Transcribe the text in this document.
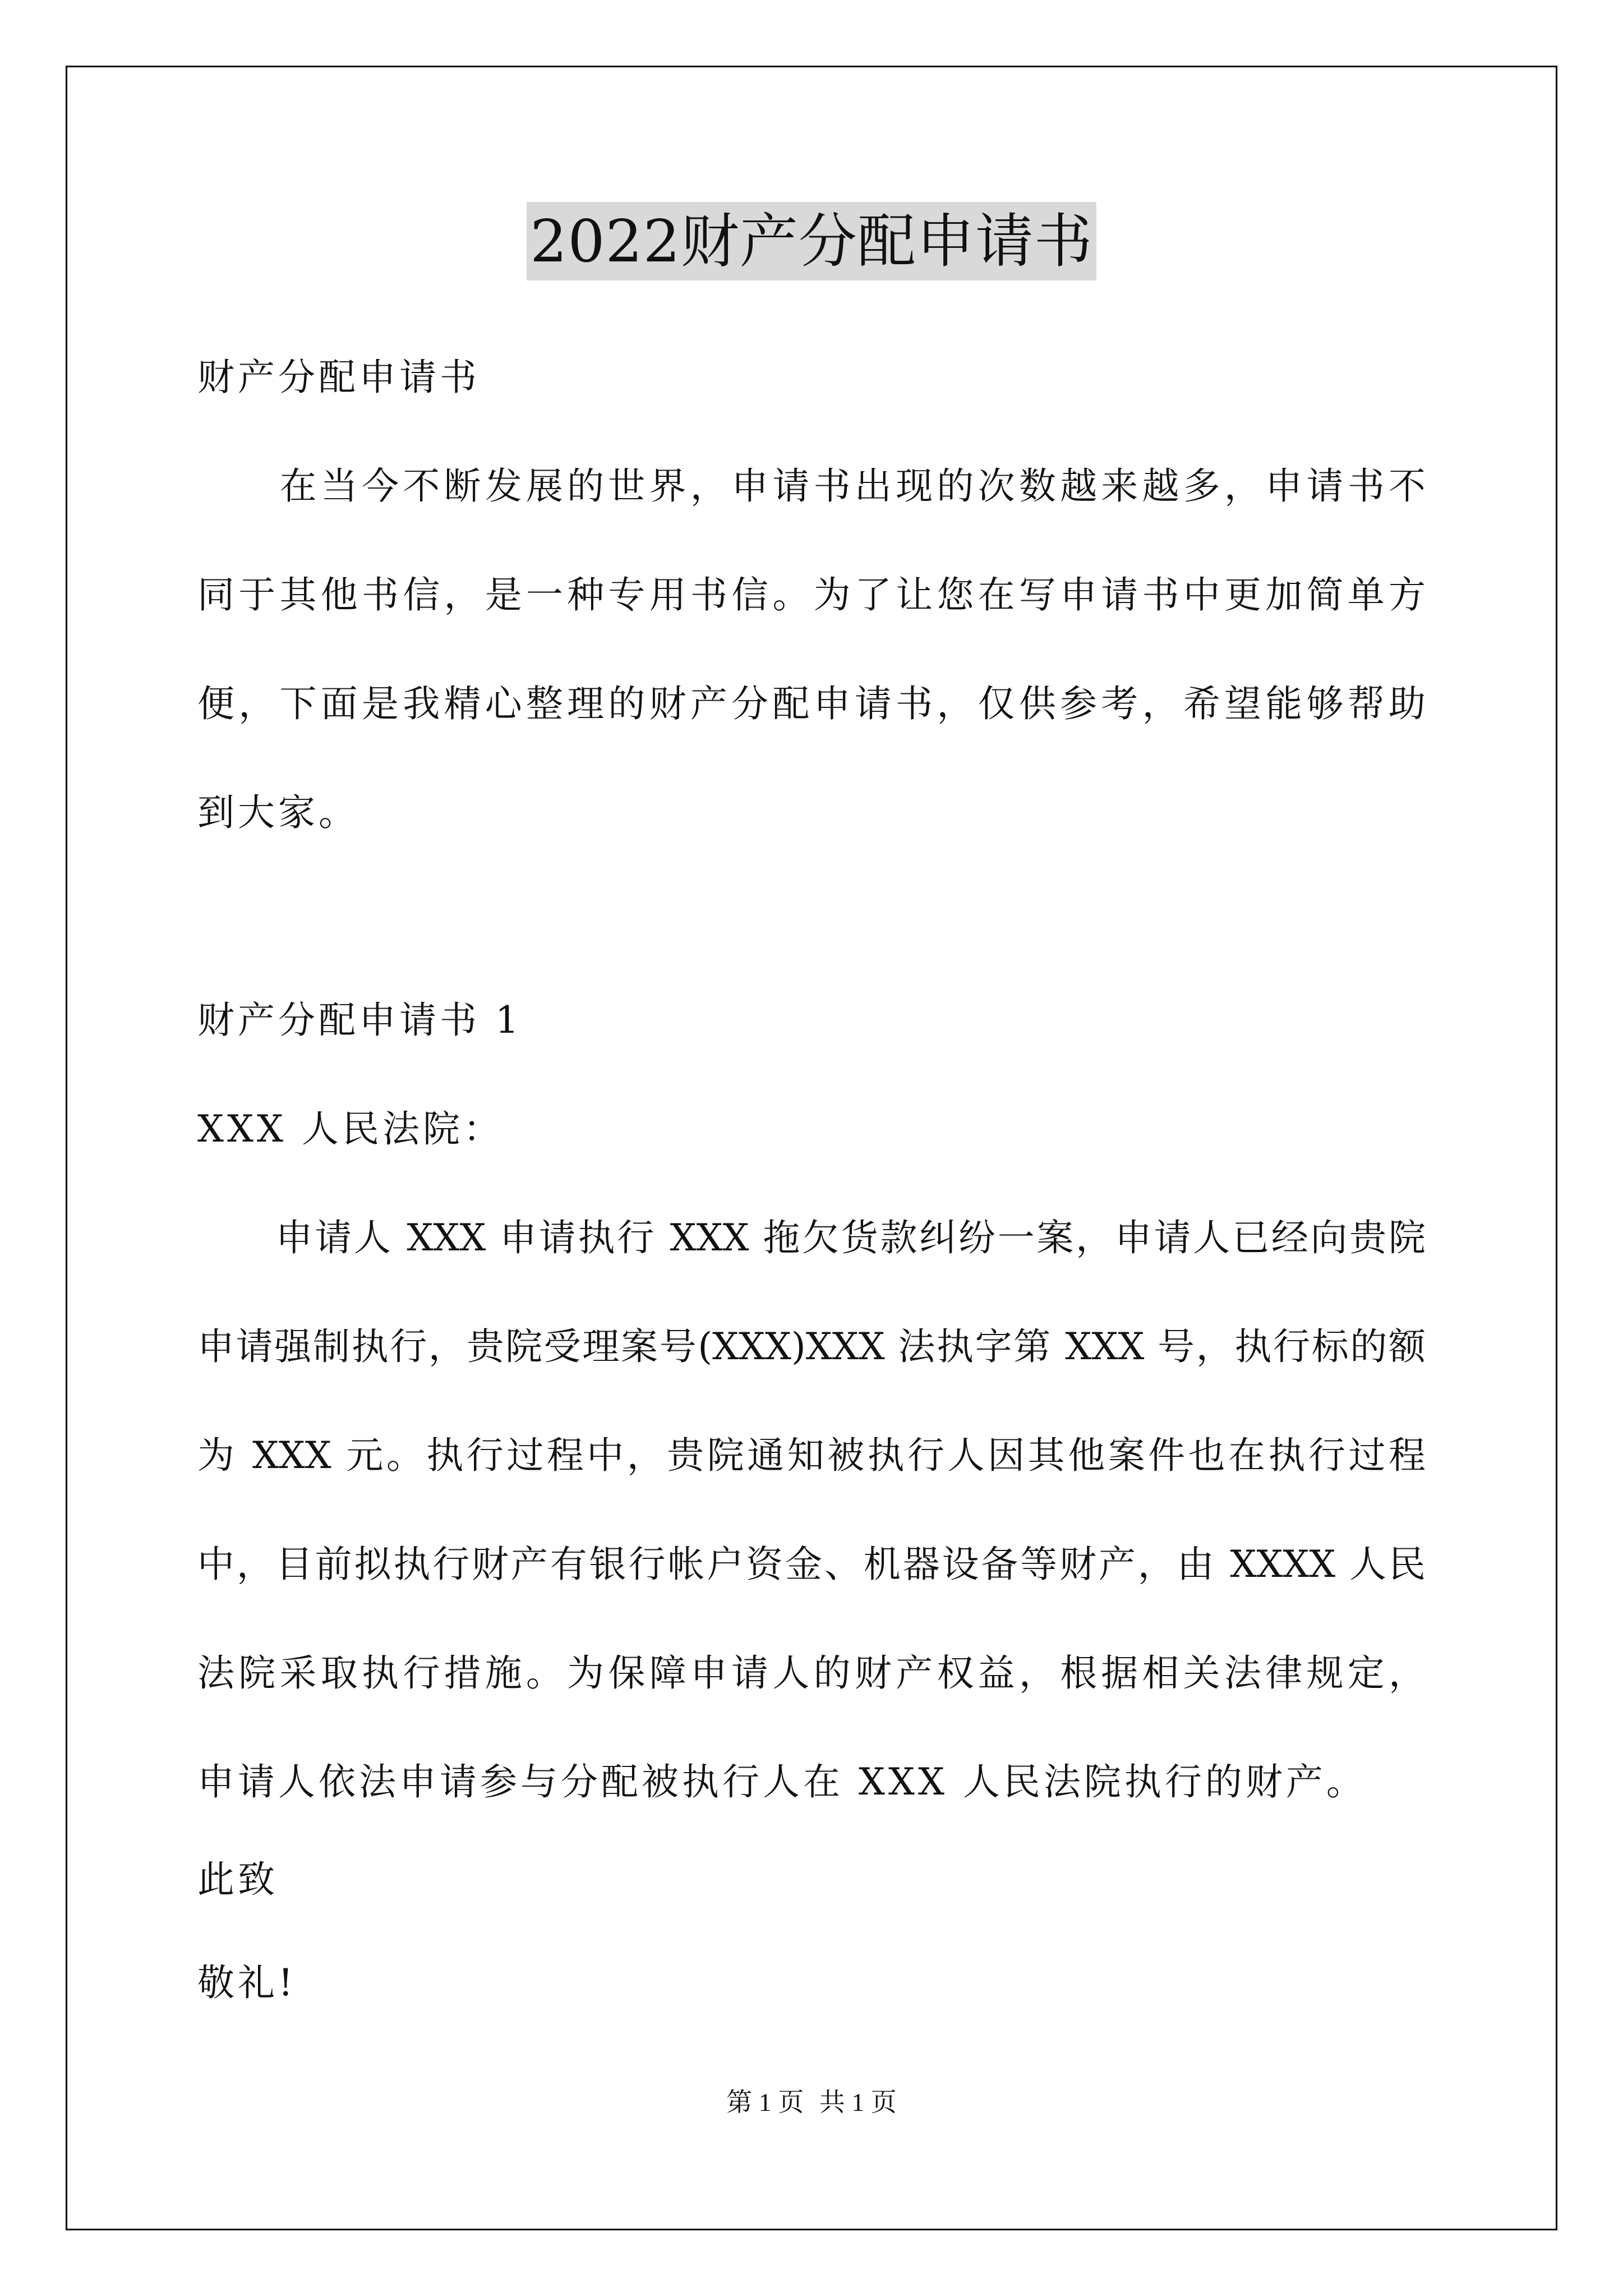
2022财产分配申请书
财产分配申请书
　　在当今不断发展的世界，申请书出现的次数越来越多，申请书不
同于其他书信，是一种专用书信。为了让您在写申请书中更加简单方
便，下面是我精心整理的财产分配申请书，仅供参考，希望能够帮助
到大家。
财产分配申请书 1
XXX 人民法院：
　　申请人 XXX 申请执行 XXX 拖欠货款纠纷一案，申请人已经向贵院
申请强制执行，贵院受理案号(XXX)XXX 法执字第 XXX 号，执行标的额
为 XXX 元。执行过程中，贵院通知被执行人因其他案件也在执行过程
中，目前拟执行财产有银行帐户资金、机器设备等财产，由 XXXX 人民
法院采取执行措施。为保障申请人的财产权益，根据相关法律规定，
申请人依法申请参与分配被执行人在 XXX 人民法院执行的财产。
此致
敬礼!
第 1 页 共 1 页
